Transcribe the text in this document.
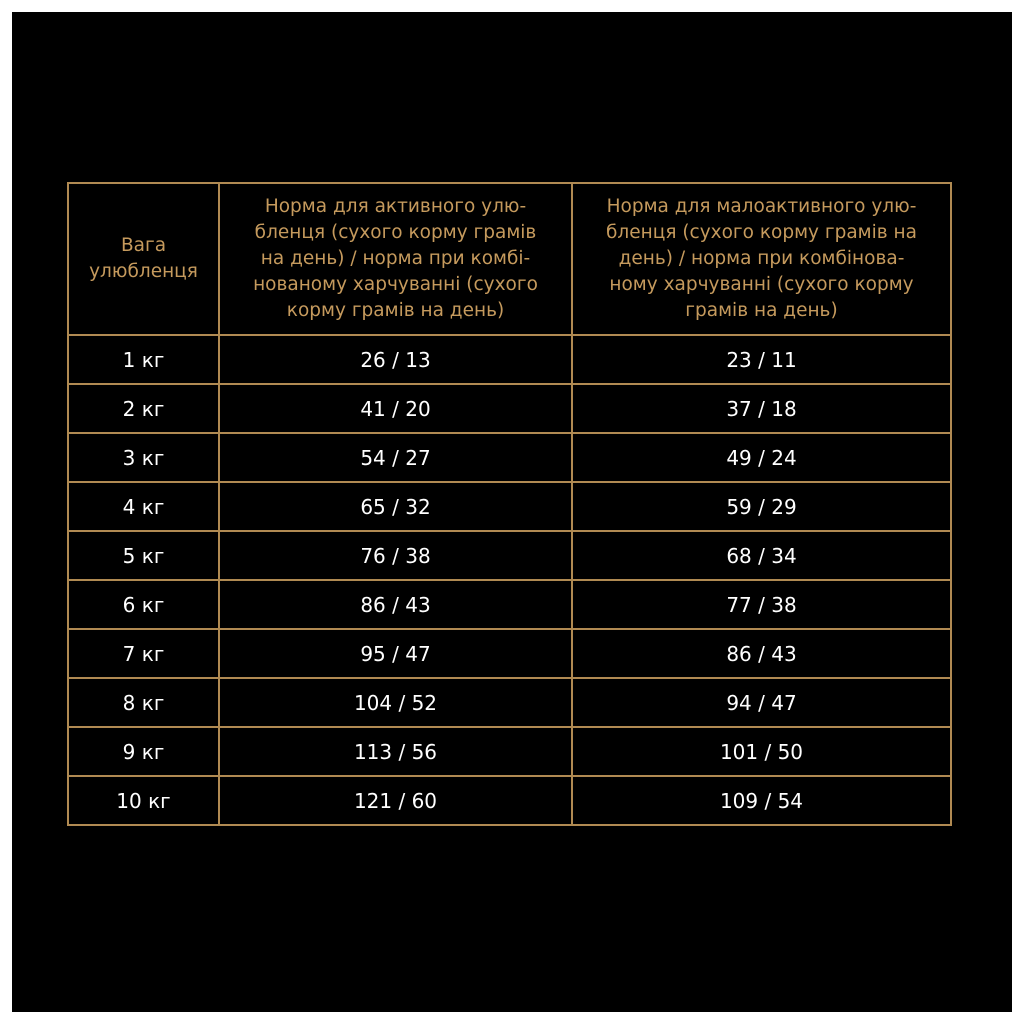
Вага
улюбленця	Норма для активного улю-
бленця (сухого корму грамів
на день) / норма при комбі-
нованому харчуванні (сухого
корму грамів на день)	Норма для малоактивного улю-
бленця (сухого корму грамів на
день) / норма при комбінова-
ному харчуванні (сухого корму
грамів на день)
1 кг	26 / 13	23 / 11
2 кг	41 / 20	37 / 18
3 кг	54 / 27	49 / 24
4 кг	65 / 32	59 / 29
5 кг	76 / 38	68 / 34
6 кг	86 / 43	77 / 38
7 кг	95 / 47	86 / 43
8 кг	104 / 52	94 / 47
9 кг	113 / 56	101 / 50
10 кг	121 / 60	109 / 54
